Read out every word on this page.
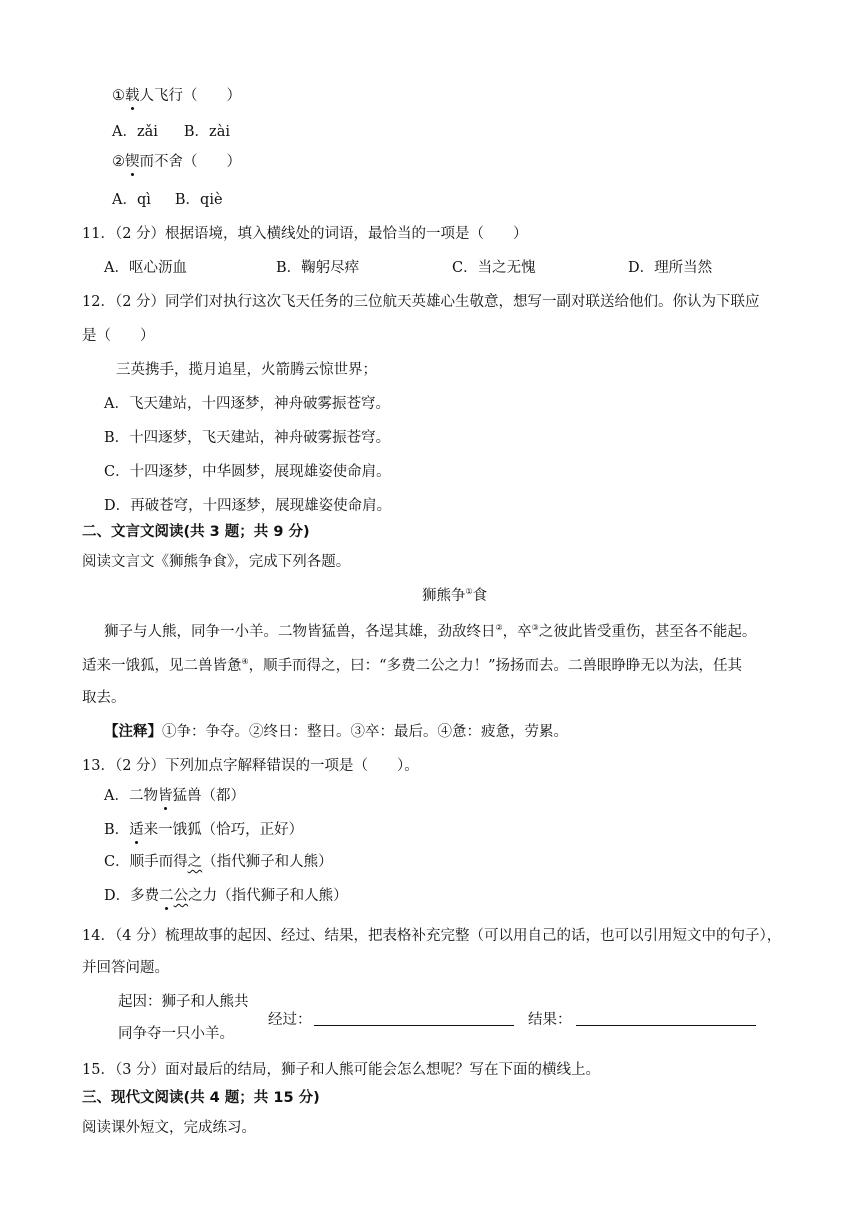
①载人飞行（　　）
A．zǎi B．zài
②锲而不舍（　　）
A．qì B．qiè
11．（2 分）根据语境，填入横线处的词语，最恰当的一项是（　　）
A．呕心沥血	B．鞠躬尽瘁	C．当之无愧	D．理所当然
12．（2 分）同学们对执行这次飞天任务的三位航天英雄心生敬意，想写一副对联送给他们。你认为下联应
是（　　）
三英携手，揽月追星，火箭腾云惊世界；
A．飞天建站，十四逐梦，神舟破雾振苍穹。
B．十四逐梦，飞天建站，神舟破雾振苍穹。
C．十四逐梦，中华圆梦，展现雄姿使命肩。
D．再破苍穹，十四逐梦，展现雄姿使命肩。
二、文言文阅读(共 3 题；共 9 分)
阅读文言文《狮熊争食》，完成下列各题。
狮熊争①食
狮子与人熊，同争一小羊。二物皆猛兽，各逞其雄，劲敌终日②，卒③之彼此皆受重伤，甚至各不能起。
适来一饿狐，见二兽皆惫④，顺手而得之，曰：“多费二公之力！”扬扬而去。二兽眼睁睁无以为法，任其
取去。
【注释】①争：争夺。②终日：整日。③卒：最后。④惫：疲惫，劳累。
13．（2 分）下列加点字解释错误的一项是（　　）。
A．二物皆猛兽（都）
B．适来一饿狐（恰巧，正好）
C．顺手而得之（指代狮子和人熊）
D．多费二公之力（指代狮子和人熊）
14．（4 分）梳理故事的起因、经过、结果，把表格补充完整（可以用自己的话，也可以引用短文中的句子），
并回答问题。
起因：狮子和人熊共
同争夺一只小羊。
经过：	结果：
15．（3 分）面对最后的结局，狮子和人熊可能会怎么想呢？写在下面的横线上。
三、现代文阅读(共 4 题；共 15 分)
阅读课外短文，完成练习。
